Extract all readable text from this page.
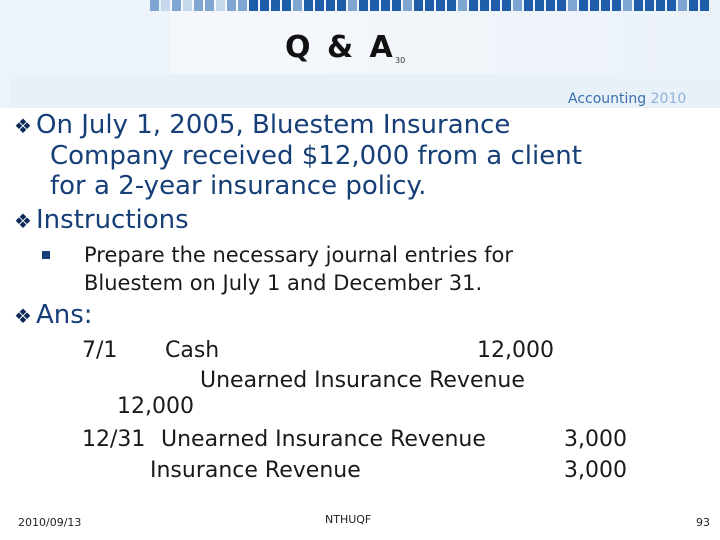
Q & A 30
Accounting 2010
❖ On July 1, 2005, Bluestem Insurance
Company received $12,000 from a client
for a 2-year insurance policy.
❖ Instructions
Prepare the necessary journal entries for
Bluestem on July 1 and December 31.
❖ Ans:
7/1 Cash	12,000
Unearned Insurance Revenue
12,000
12/31 Unearned Insurance Revenue	3,000
Insurance Revenue	3,000
2010/09/13	NTHUQF	93
